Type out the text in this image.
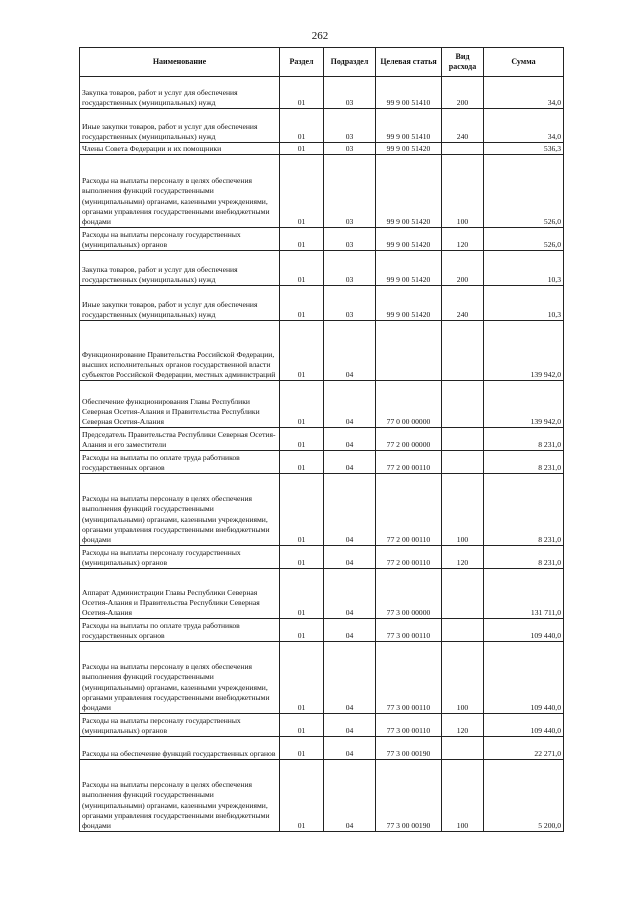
262
Наименование	Раздел	Подраздел	Целевая статья	Вид расхода	Сумма
Закупка товаров, работ и услуг для обеспечения государственных (муниципальных) нужд	01	03	99 9 00 51410	200	34,0
Иные закупки товаров, работ и услуг для обеспечения государственных (муниципальных) нужд	01	03	99 9 00 51410	240	34,0
Члены Совета Федерации и их помощники	01	03	99 9 00 51420		536,3
Расходы на выплаты персоналу в целях обеспечения выполнения функций государственными (муниципальными) органами, казенными учреждениями, органами управления государственными внебюджетными фондами	01	03	99 9 00 51420	100	526,0
Расходы на выплаты персоналу государственных (муниципальных) органов	01	03	99 9 00 51420	120	526,0
Закупка товаров, работ и услуг для обеспечения государственных (муниципальных) нужд	01	03	99 9 00 51420	200	10,3
Иные закупки товаров, работ и услуг для обеспечения государственных (муниципальных) нужд	01	03	99 9 00 51420	240	10,3
Функционирование Правительства Российской Федерации, высших исполнительных органов государственной власти субъектов Российской Федерации, местных администраций	01	04			139 942,0
Обеспечение функционирования Главы Республики Северная Осетия-Алания и Правительства Республики Северная Осетия-Алания	01	04	77 0 00 00000		139 942,0
Председатель Правительства Республики Северная Осетия-Алания и его заместители	01	04	77 2 00 00000		8 231,0
Расходы на выплаты по оплате труда работников государственных органов	01	04	77 2 00 00110		8 231,0
Расходы на выплаты персоналу в целях обеспечения выполнения функций государственными (муниципальными) органами, казенными учреждениями, органами управления государственными внебюджетными фондами	01	04	77 2 00 00110	100	8 231,0
Расходы на выплаты персоналу государственных (муниципальных) органов	01	04	77 2 00 00110	120	8 231,0
Аппарат Администрации Главы Республики Северная Осетия-Алания и Правительства Республики Северная Осетия-Алания	01	04	77 3 00 00000		131 711,0
Расходы на выплаты по оплате труда работников государственных органов	01	04	77 3 00 00110		109 440,0
Расходы на выплаты персоналу в целях обеспечения выполнения функций государственными (муниципальными) органами, казенными учреждениями, органами управления государственными внебюджетными фондами	01	04	77 3 00 00110	100	109 440,0
Расходы на выплаты персоналу государственных (муниципальных) органов	01	04	77 3 00 00110	120	109 440,0
Расходы на обеспечение функций государственных органов	01	04	77 3 00 00190		22 271,0
Расходы на выплаты персоналу в целях обеспечения выполнения функций государственными (муниципальными) органами, казенными учреждениями, органами управления государственными внебюджетными фондами	01	04	77 3 00 00190	100	5 200,0
